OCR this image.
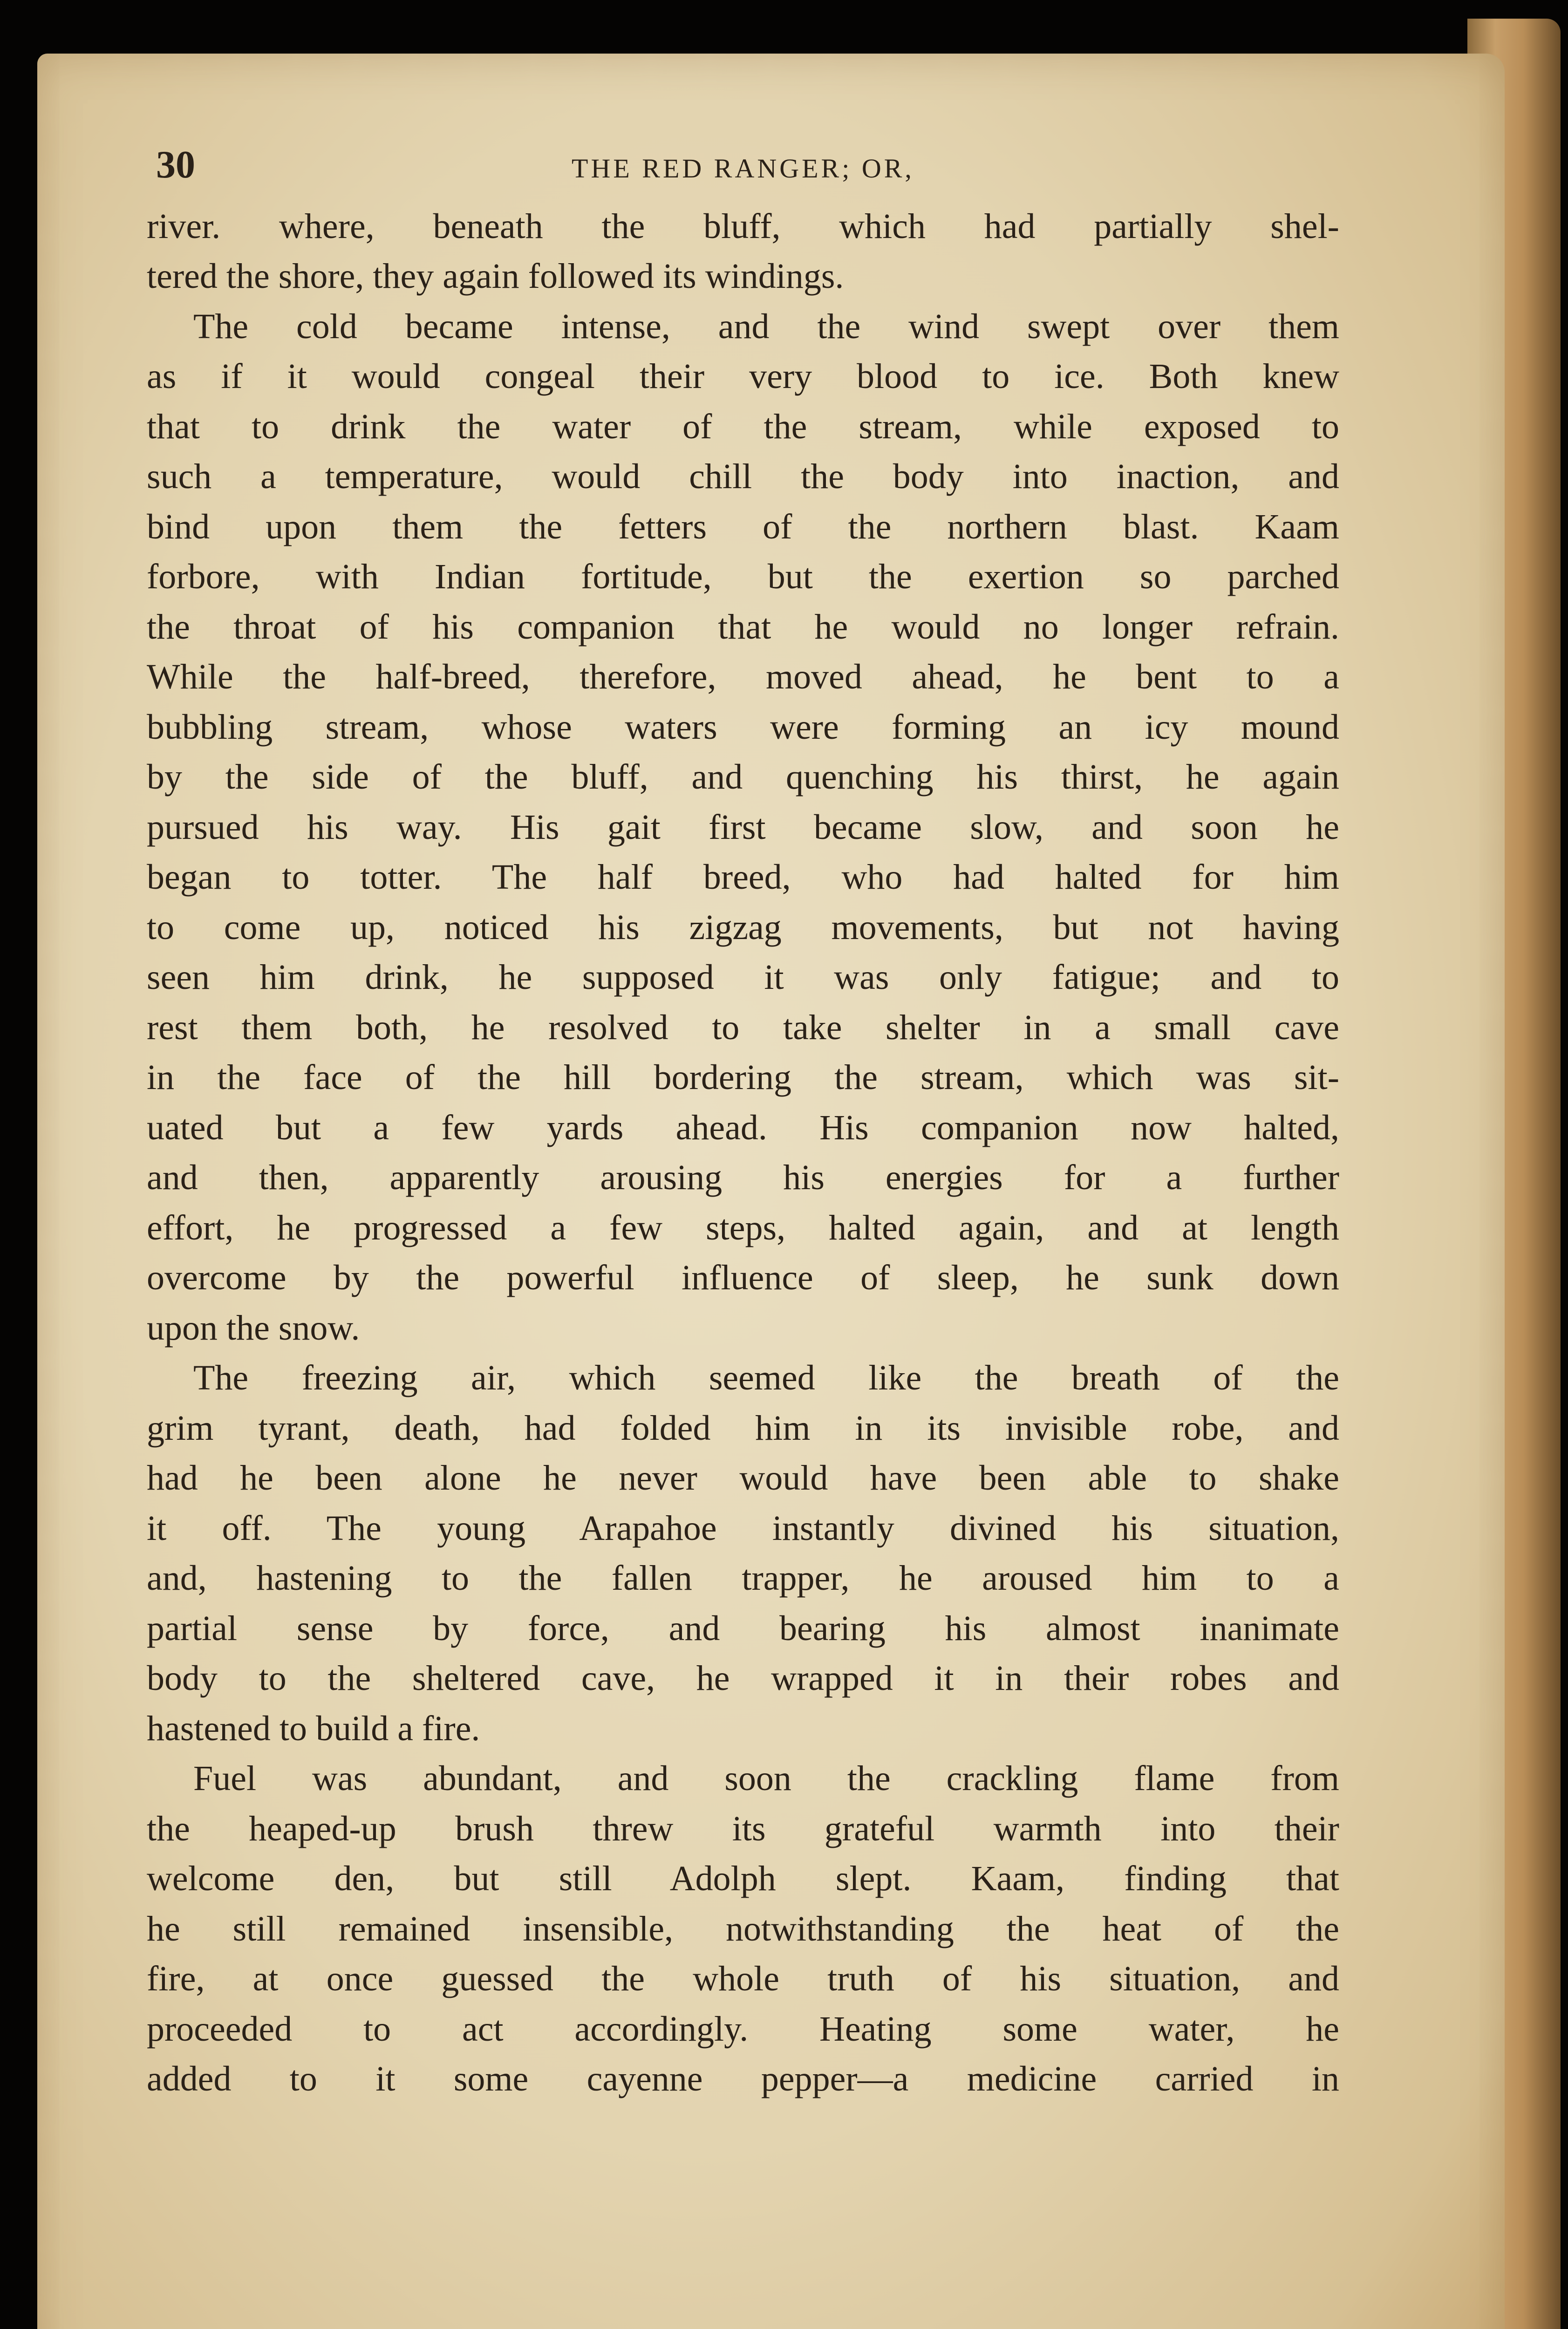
30	THE RED RANGER; OR,
river. where, beneath the bluff, which had partially shel-
tered the shore, they again followed its windings.
The cold became intense, and the wind swept over them
as if it would congeal their very blood to ice. Both knew
that to drink the water of the stream, while exposed to
such a temperature, would chill the body into inaction, and
bind upon them the fetters of the northern blast. Kaam
forbore, with Indian fortitude, but the exertion so parched
the throat of his companion that he would no longer refrain.
While the half-breed, therefore, moved ahead, he bent to a
bubbling stream, whose waters were forming an icy mound
by the side of the bluff, and quenching his thirst, he again
pursued his way. His gait first became slow, and soon he
began to totter. The half breed, who had halted for him
to come up, noticed his zigzag movements, but not having
seen him drink, he supposed it was only fatigue; and to
rest them both, he resolved to take shelter in a small cave
in the face of the hill bordering the stream, which was sit-
uated but a few yards ahead. His companion now halted,
and then, apparently arousing his energies for a further
effort, he progressed a few steps, halted again, and at length
overcome by the powerful influence of sleep, he sunk down
upon the snow.
The freezing air, which seemed like the breath of the
grim tyrant, death, had folded him in its invisible robe, and
had he been alone he never would have been able to shake
it off. The young Arapahoe instantly divined his situation,
and, hastening to the fallen trapper, he aroused him to a
partial sense by force, and bearing his almost inanimate
body to the sheltered cave, he wrapped it in their robes and
hastened to build a fire.
Fuel was abundant, and soon the crackling flame from
the heaped-up brush threw its grateful warmth into their
welcome den, but still Adolph slept. Kaam, finding that
he still remained insensible, notwithstanding the heat of the
fire, at once guessed the whole truth of his situation, and
proceeded to act accordingly. Heating some water, he
added to it some cayenne pepper—a medicine carried in
